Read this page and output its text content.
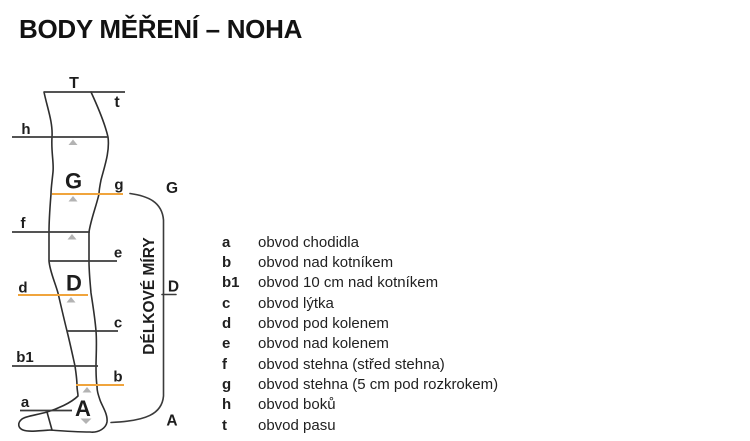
BODY MĚŘENÍ – NOHA
T
t
h
G g
f
e
D
d
c
b1
b
a A
G
D
A
DÉLKOVÉ MÍRY	a	obvod chodidla
b	obvod nad kotníkem
b1	obvod 10 cm nad kotníkem
c	obvod lýtka
d	obvod pod kolenem
e	obvod nad kolenem
f	obvod stehna (střed stehna)
g	obvod stehna (5 cm pod rozkrokem)
h	obvod boků
t	obvod pasu
